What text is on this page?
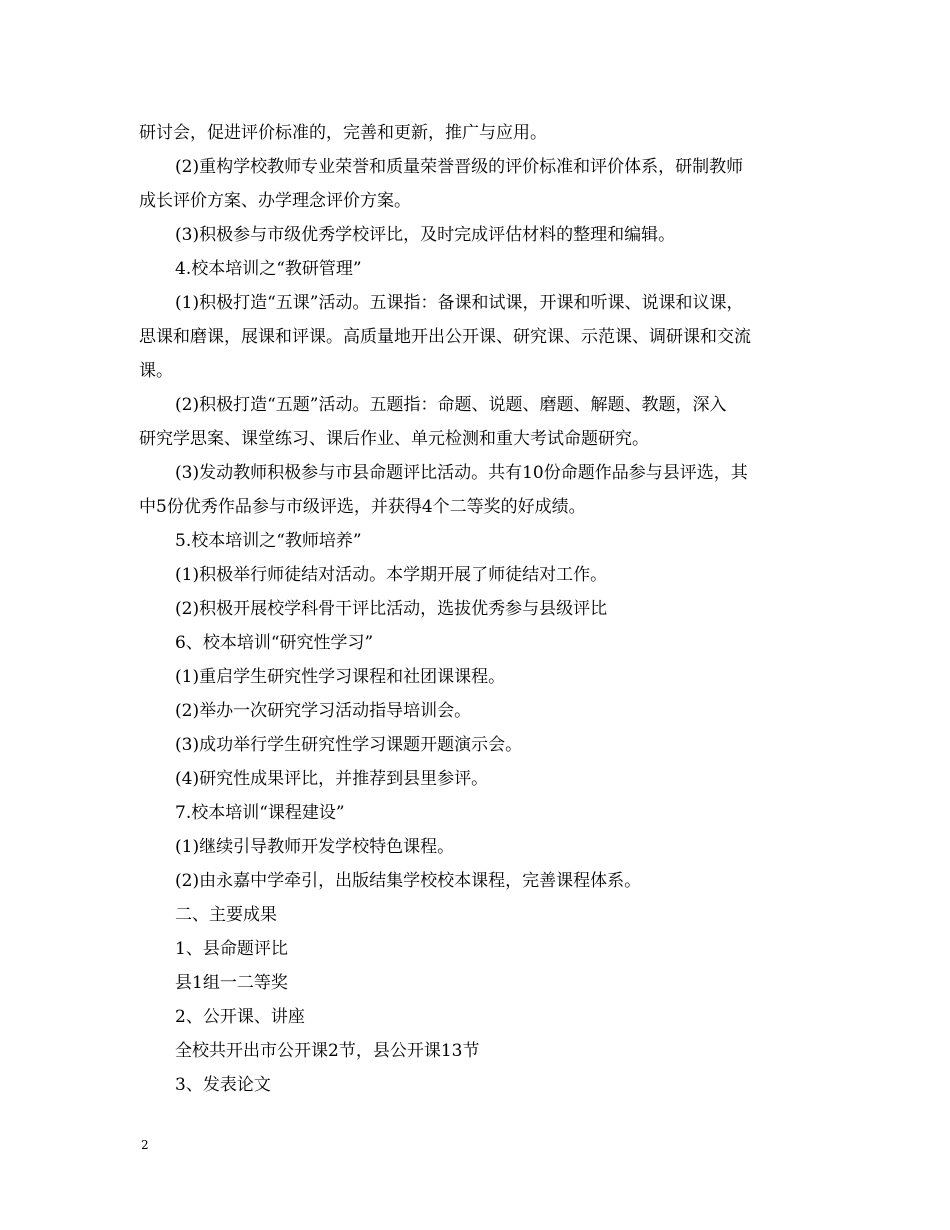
研讨会，促进评价标准的，完善和更新，推广与应用。
(2)重构学校教师专业荣誉和质量荣誉晋级的评价标准和评价体系，研制教师
成长评价方案、办学理念评价方案。
(3)积极参与市级优秀学校评比，及时完成评估材料的整理和编辑。
4.校本培训之“教研管理”
(1)积极打造“五课”活动。五课指：备课和试课，开课和听课、说课和议课，
思课和磨课，展课和评课。高质量地开出公开课、研究课、示范课、调研课和交流
课。
(2)积极打造“五题”活动。五题指：命题、说题、磨题、解题、教题，深入
研究学思案、课堂练习、课后作业、单元检测和重大考试命题研究。
(3)发动教师积极参与市县命题评比活动。共有10份命题作品参与县评选，其
中5份优秀作品参与市级评选，并获得4个二等奖的好成绩。
5.校本培训之“教师培养”
(1)积极举行师徒结对活动。本学期开展了师徒结对工作。
(2)积极开展校学科骨干评比活动，选拔优秀参与县级评比
6、校本培训“研究性学习”
(1)重启学生研究性学习课程和社团课课程。
(2)举办一次研究学习活动指导培训会。
(3)成功举行学生研究性学习课题开题演示会。
(4)研究性成果评比，并推荐到县里参评。
7.校本培训“课程建设”
(1)继续引导教师开发学校特色课程。
(2)由永嘉中学牵引，出版结集学校校本课程，完善课程体系。
二、主要成果
1、县命题评比
县1组一二等奖
2、公开课、讲座
全校共开出市公开课2节，县公开课13节
3、发表论文
2
